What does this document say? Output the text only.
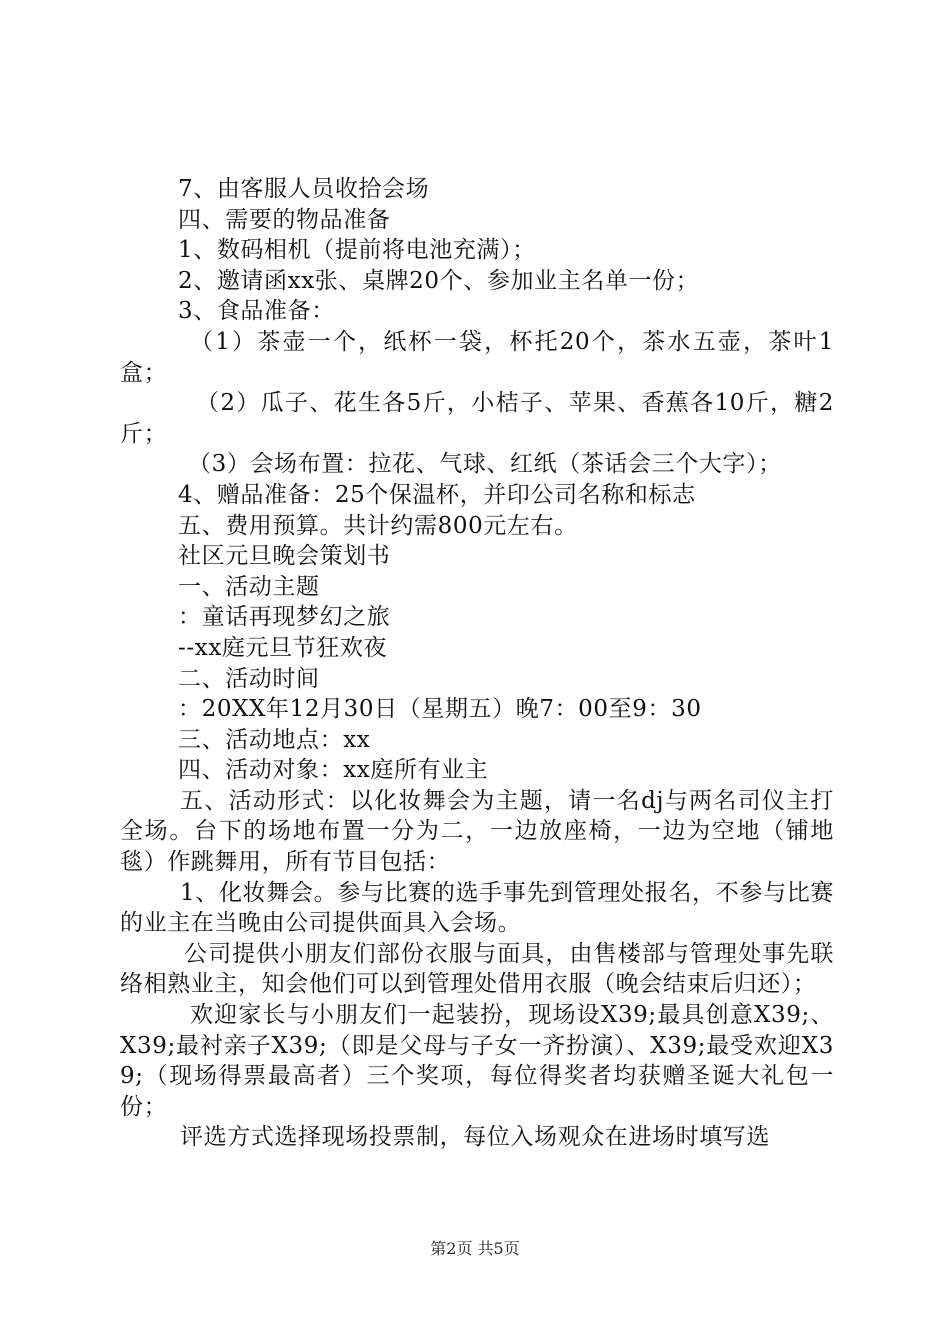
7、由客服人员收拾会场

四、需要的物品准备

1、数码相机（提前将电池充满）；

2、邀请函xx张、桌牌20个、参加业主名单一份；

3、食品准备：

（1）茶壶一个，纸杯一袋，杯托20个，茶水五壶，茶叶1盒；

（2）瓜子、花生各5斤，小桔子、苹果、香蕉各10斤，糖2斤；

（3）会场布置：拉花、气球、红纸（茶话会三个大字）；

4、赠品准备：25个保温杯，并印公司名称和标志

五、费用预算。共计约需800元左右。

社区元旦晚会策划书

一、活动主题

：童话再现梦幻之旅

--xx庭元旦节狂欢夜

二、活动时间

：20XX年12月30日（星期五）晚7：00至9：30

三、活动地点：xx

四、活动对象：xx庭所有业主

五、活动形式：以化妆舞会为主题，请一名dj与两名司仪主打全场。台下的场地布置一分为二，一边放座椅，一边为空地（铺地毯）作跳舞用，所有节目包括：

1、化妆舞会。参与比赛的选手事先到管理处报名，不参与比赛的业主在当晚由公司提供面具入会场。

公司提供小朋友们部份衣服与面具，由售楼部与管理处事先联络相熟业主，知会他们可以到管理处借用衣服（晚会结束后归还）；

欢迎家长与小朋友们一起装扮，现场设X39;最具创意X39;、X39;最衬亲子X39;（即是父母与子女一齐扮演）、X39;最受欢迎X39;（现场得票最高者）三个奖项，每位得奖者均获赠圣诞大礼包一份；

评选方式选择现场投票制，每位入场观众在进场时填写选

第2页 共5页
